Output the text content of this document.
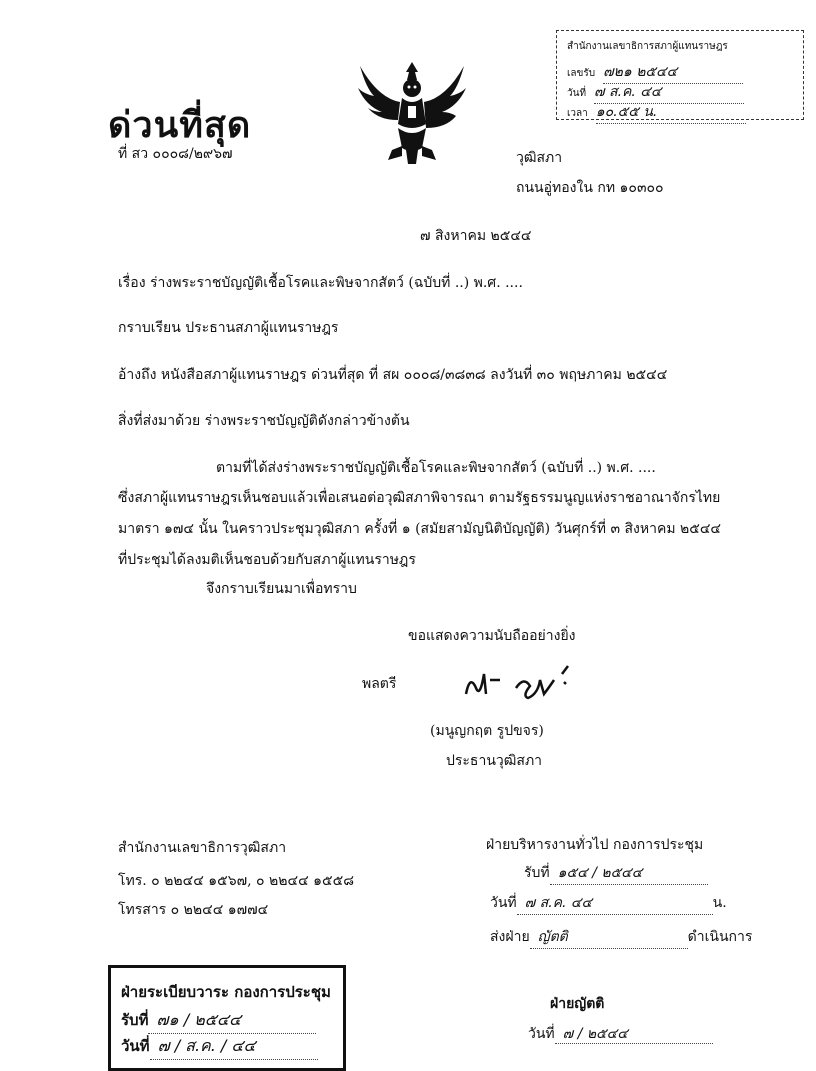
ด่วนที่สุด
ที่ สว ๐๐๐๘/๒๙๖๗	วุฒิสภา
ถนนอู่ทองใน กท ๑๐๓๐๐
๗ สิงหาคม ๒๕๔๔
สำนักงานเลขาธิการสภาผู้แทนราษฎร
เลขรับ ๗๒๑ ๒๕๔๔
วันที่ ๗ ส.ค. ๔๔
เวลา ๑๐.๕๕ น.
เรื่อง ร่างพระราชบัญญัติเชื้อโรคและพิษจากสัตว์ (ฉบับที่ ..) พ.ศ. ....
กราบเรียน ประธานสภาผู้แทนราษฎร
อ้างถึง หนังสือสภาผู้แทนราษฎร ด่วนที่สุด ที่ สผ ๐๐๐๘/๓๘๓๘ ลงวันที่ ๓๐ พฤษภาคม ๒๕๔๔
สิ่งที่ส่งมาด้วย ร่างพระราชบัญญัติดังกล่าวข้างต้น
ตามที่ได้ส่งร่างพระราชบัญญัติเชื้อโรคและพิษจากสัตว์ (ฉบับที่ ..) พ.ศ. ....
ซึ่งสภาผู้แทนราษฎรเห็นชอบแล้วเพื่อเสนอต่อวุฒิสภาพิจารณา ตามรัฐธรรมนูญแห่งราชอาณาจักรไทย
มาตรา ๑๗๔ นั้น ในคราวประชุมวุฒิสภา ครั้งที่ ๑ (สมัยสามัญนิติบัญญัติ) วันศุกร์ที่ ๓ สิงหาคม ๒๕๔๔
ที่ประชุมได้ลงมติเห็นชอบด้วยกับสภาผู้แทนราษฎร
จึงกราบเรียนมาเพื่อทราบ
ขอแสดงความนับถืออย่างยิ่ง
พลตรี
(มนูญกฤต รูปขจร)
ประธานวุฒิสภา
สำนักงานเลขาธิการวุฒิสภา
โทร. ๐ ๒๒๔๔ ๑๕๖๗, ๐ ๒๒๔๔ ๑๕๕๘
โทรสาร ๐ ๒๒๔๔ ๑๗๗๔
ฝ่ายบริหารงานทั่วไป กองการประชุม
รับที่ ๑๕๔ / ๒๕๔๔
วันที่ ๗ ส.ค. ๔๔	น.
ส่งฝ่าย ญัตติ	ดำเนินการ
ฝ่ายระเบียบวาระ กองการประชุม
รับที่ ๗๑ / ๒๕๔๔
วันที่ ๗ / ส.ค. / ๔๔
ฝ่ายญัตติ
วันที่ ๗ / ๒๕๔๔
